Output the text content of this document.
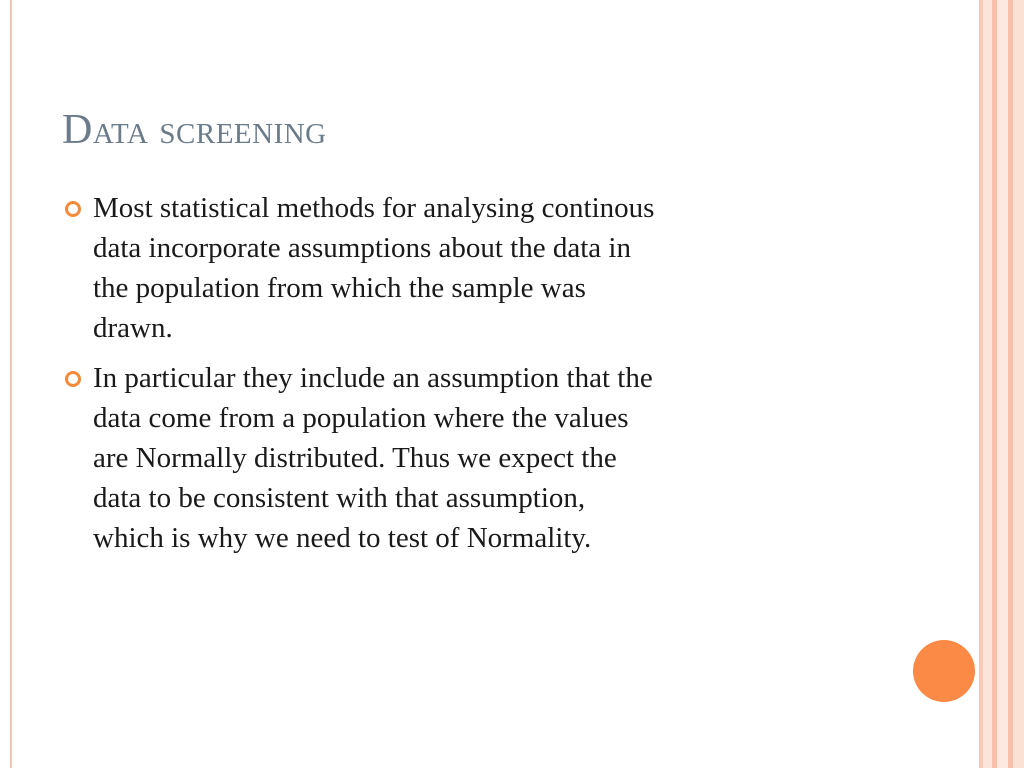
Data screening
Most statistical methods for analysing continous
data incorporate assumptions about the data in
the population from which the sample was
drawn.
In particular they include an assumption that the
data come from a population where the values
are Normally distributed. Thus we expect the
data to be consistent with that assumption,
which is why we need to test of Normality.
